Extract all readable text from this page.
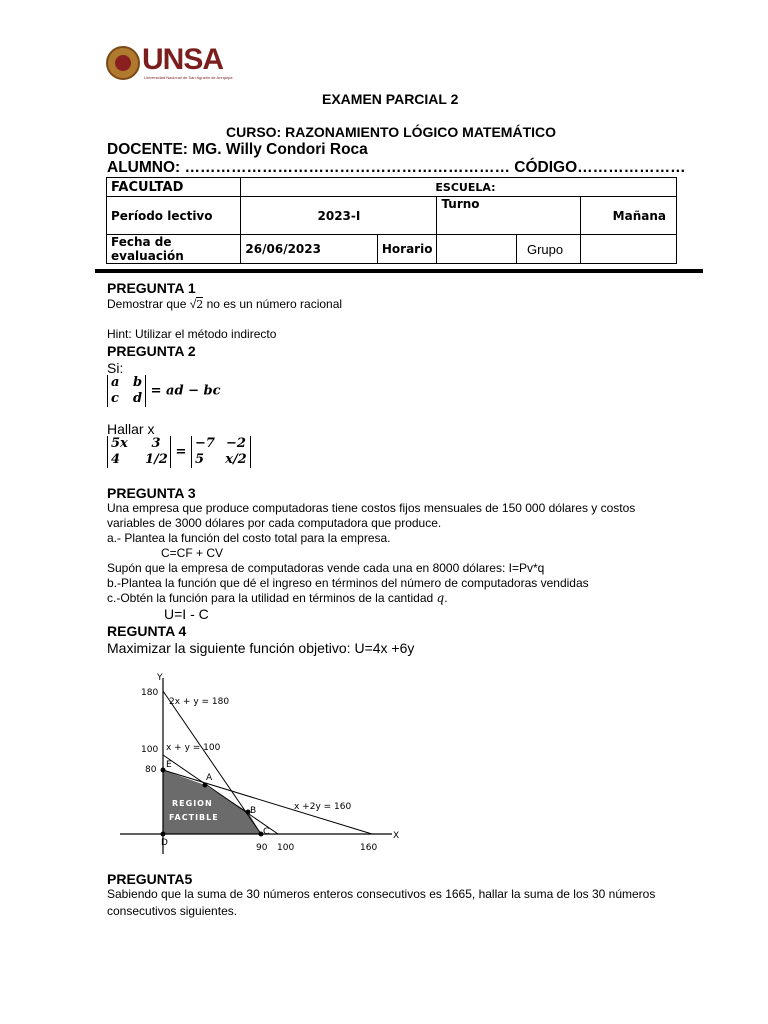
UNSA
Universidad Nacional de San Agustín de Arequipa
EXAMEN PARCIAL 2
CURSO: RAZONAMIENTO LÓGICO MATEMÁTICO
DOCENTE: MG. Willy Condori Roca
ALUMNO: ……………………………………………………… CÓDIGO…………………
FACULTAD	ESCUELA:				
Período lectivo	2023-I		Turno		Mañana
Fecha de evaluación	26/06/2023	Horario		Grupo	
PREGUNTA 1
Demostrar que √2 no es un número racional
Hint: Utilizar el método indirecto
PREGUNTA 2
Si:
a b
c d = ad − bc
Hallar x
5x 3
4 1/2 = −7 −2
5 x/2
PREGUNTA 3
Una empresa que produce computadoras tiene costos fijos mensuales de 150 000 dólares y costos
variables de 3000 dólares por cada computadora que produce.
a.- Plantea la función del costo total para la empresa.
C=CF + CV
Supón que la empresa de computadoras vende cada una en 8000 dólares: I=Pv*q
b.-Plantea la función que dé el ingreso en términos del número de computadoras vendidas
c.-Obtén la función para la utilidad en términos de la cantidad q.
U=I - C
REGUNTA 4
Maximizar la siguiente función objetivo: U=4x +6y
Y
X
180
100
80
90 100	160
2x + y = 180
x + y = 100
x +2y = 160
A
B
C
D
E
REGION
FACTIBLE
PREGUNTA5
Sabiendo que la suma de 30 números enteros consecutivos es 1665, hallar la suma de los 30 números
consecutivos siguientes.
